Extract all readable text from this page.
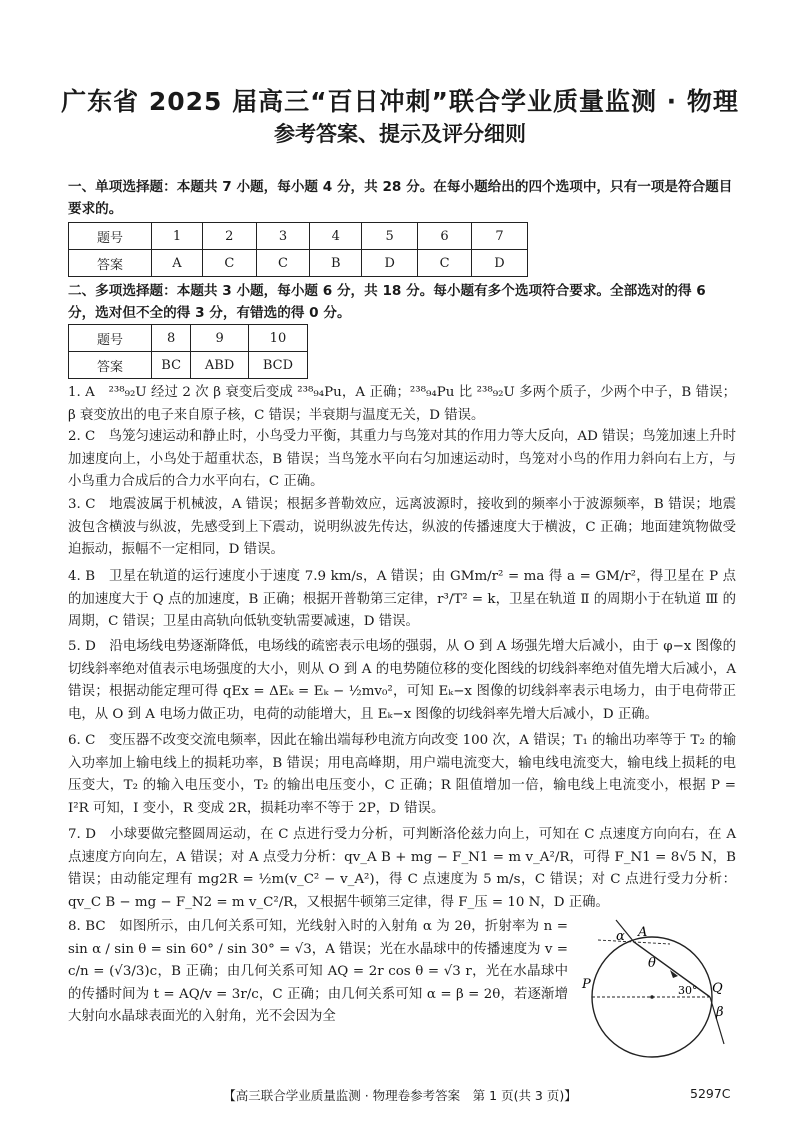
广东省 2025 届高三“百日冲刺”联合学业质量监测 · 物理
参考答案、提示及评分细则
一、单项选择题：本题共 7 小题，每小题 4 分，共 28 分。在每小题给出的四个选项中，只有一项是符合题目要求的。
题号	1	2	3	4	5	6	7
答案	A	C	C	B	D	C	D
二、多项选择题：本题共 3 小题，每小题 6 分，共 18 分。每小题有多个选项符合要求。全部选对的得 6 分，选对但不全的得 3 分，有错选的得 0 分。
题号	8	9	10
答案	BC	ABD	BCD
1. A　²³⁸₉₂U 经过 2 次 β 衰变后变成 ²³⁸₉₄Pu，A 正确；²³⁸₉₄Pu 比 ²³⁸₉₂U 多两个质子，少两个中子，B 错误；β 衰变放出的电子来自原子核，C 错误；半衰期与温度无关，D 错误。
2. C　鸟笼匀速运动和静止时，小鸟受力平衡，其重力与鸟笼对其的作用力等大反向，AD 错误；鸟笼加速上升时加速度向上，小鸟处于超重状态，B 错误；当鸟笼水平向右匀加速运动时，鸟笼对小鸟的作用力斜向右上方，与小鸟重力合成后的合力水平向右，C 正确。
3. C　地震波属于机械波，A 错误；根据多普勒效应，远离波源时，接收到的频率小于波源频率，B 错误；地震波包含横波与纵波，先感受到上下震动，说明纵波先传达，纵波的传播速度大于横波，C 正确；地面建筑物做受迫振动，振幅不一定相同，D 错误。
4. B　卫星在轨道的运行速度小于速度 7.9 km/s，A 错误；由 GMm/r² = ma 得 a = GM/r²，得卫星在 P 点的加速度大于 Q 点的加速度，B 正确；根据开普勒第三定律，r³/T² = k，卫星在轨道 Ⅱ 的周期小于在轨道 Ⅲ 的周期，C 错误；卫星由高轨向低轨变轨需要减速，D 错误。
5. D　沿电场线电势逐渐降低，电场线的疏密表示电场的强弱，从 O 到 A 场强先增大后减小，由于 φ−x 图像的切线斜率绝对值表示电场强度的大小，则从 O 到 A 的电势随位移的变化图线的切线斜率绝对值先增大后减小，A 错误；根据动能定理可得 qEx = ΔEₖ = Eₖ − ½mv₀²，可知 Eₖ−x 图像的切线斜率表示电场力，由于电荷带正电，从 O 到 A 电场力做正功，电荷的动能增大，且 Eₖ−x 图像的切线斜率先增大后减小，D 正确。
6. C　变压器不改变交流电频率，因此在输出端每秒电流方向改变 100 次，A 错误；T₁ 的输出功率等于 T₂ 的输入功率加上输电线上的损耗功率，B 错误；用电高峰期，用户端电流变大，输电线电流变大，输电线上损耗的电压变大，T₂ 的输入电压变小，T₂ 的输出电压变小，C 正确；R 阻值增加一倍，输电线上电流变小，根据 P = I²R 可知，I 变小，R 变成 2R，损耗功率不等于 2P，D 错误。
7. D　小球要做完整圆周运动，在 C 点进行受力分析，可判断洛伦兹力向上，可知在 C 点速度方向向右，在 A 点速度方向向左，A 错误；对 A 点受力分析：qv_A B + mg − F_N1 = m v_A²/R，可得 F_N1 = 8√5 N，B 错误；由动能定理有 mg2R = ½m(v_C² − v_A²)，得 C 点速度为 5 m/s，C 错误；对 C 点进行受力分析：qv_C B − mg − F_N2 = m v_C²/R，又根据牛顿第三定律，得 F_压 = 10 N，D 正确。
8. BC　如图所示，由几何关系可知，光线射入时的入射角 α 为 2θ，折射率为 n = sin α / sin θ = sin 60° / sin 30° = √3，A 错误；光在水晶球中的传播速度为 v = c/n = (√3/3)c，B 正确；由几何关系可知 AQ = 2r cos θ = √3 r，光在水晶球中的传播时间为 t = AQ/v = 3r/c，C 正确；由几何关系可知 α = β = 2θ，若逐渐增大射向水晶球表面光的入射角，光不会因为全
α A
θ
P	30° Q
β
【高三联合学业质量监测 · 物理卷参考答案　第 1 页(共 3 页)】	5297C
